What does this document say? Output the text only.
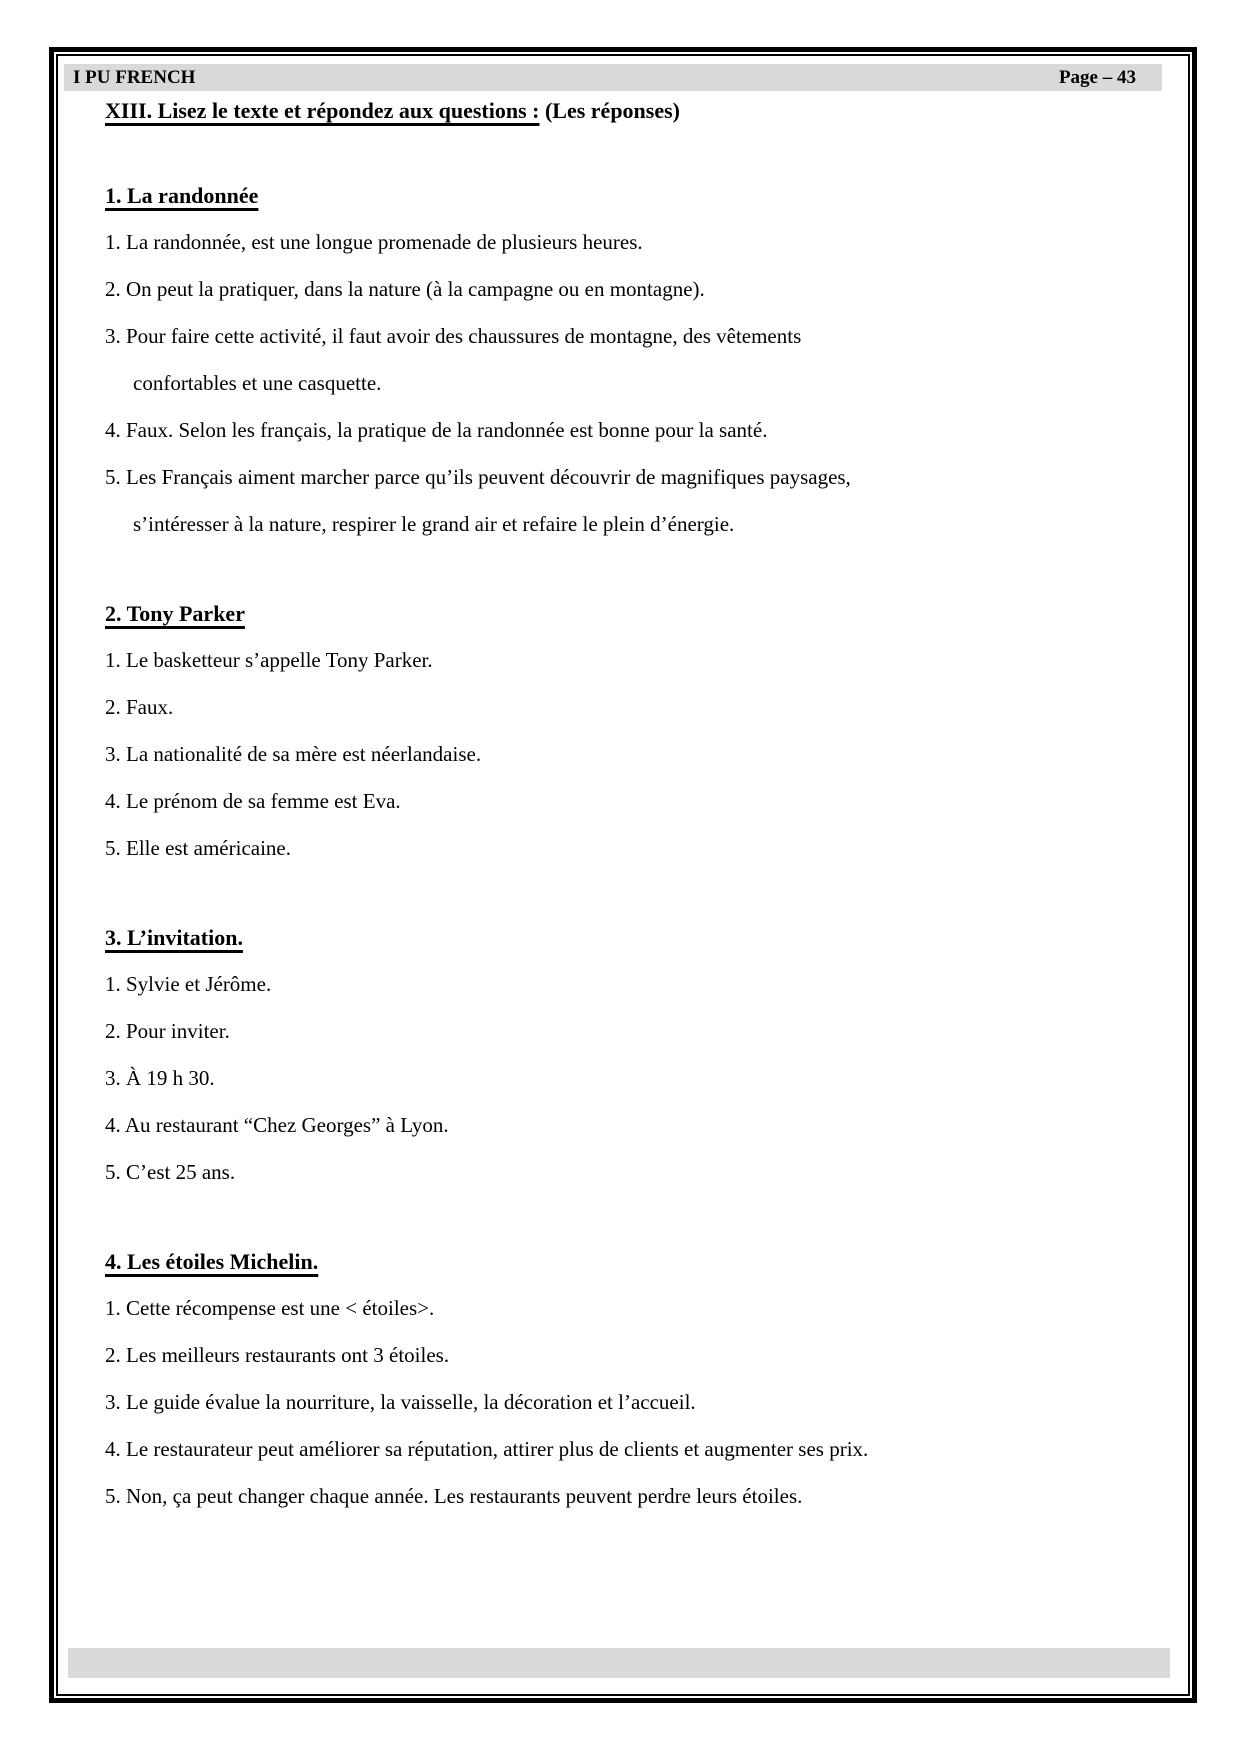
I PU FRENCH	Page – 43
XIII. Lisez le texte et répondez aux questions : (Les réponses)
1. La randonnée
1. La randonnée, est une longue promenade de plusieurs heures.
2. On peut la pratiquer, dans la nature (à la campagne ou en montagne).
3. Pour faire cette activité, il faut avoir des chaussures de montagne, des vêtements
confortables et une casquette.
4. Faux. Selon les français, la pratique de la randonnée est bonne pour la santé.
5. Les Français aiment marcher parce qu’ils peuvent découvrir de magnifiques paysages,
s’intéresser à la nature, respirer le grand air et refaire le plein d’énergie.
2. Tony Parker
1. Le basketteur s’appelle Tony Parker.
2. Faux.
3. La nationalité de sa mère est néerlandaise.
4. Le prénom de sa femme est Eva.
5. Elle est américaine.
3. L’invitation.
1. Sylvie et Jérôme.
2. Pour inviter.
3. À 19 h 30.
4. Au restaurant “Chez Georges” à Lyon.
5. C’est 25 ans.
4. Les étoiles Michelin.
1. Cette récompense est une < étoiles>.
2. Les meilleurs restaurants ont 3 étoiles.
3. Le guide évalue la nourriture, la vaisselle, la décoration et l’accueil.
4. Le restaurateur peut améliorer sa réputation, attirer plus de clients et augmenter ses prix.
5. Non, ça peut changer chaque année. Les restaurants peuvent perdre leurs étoiles.
